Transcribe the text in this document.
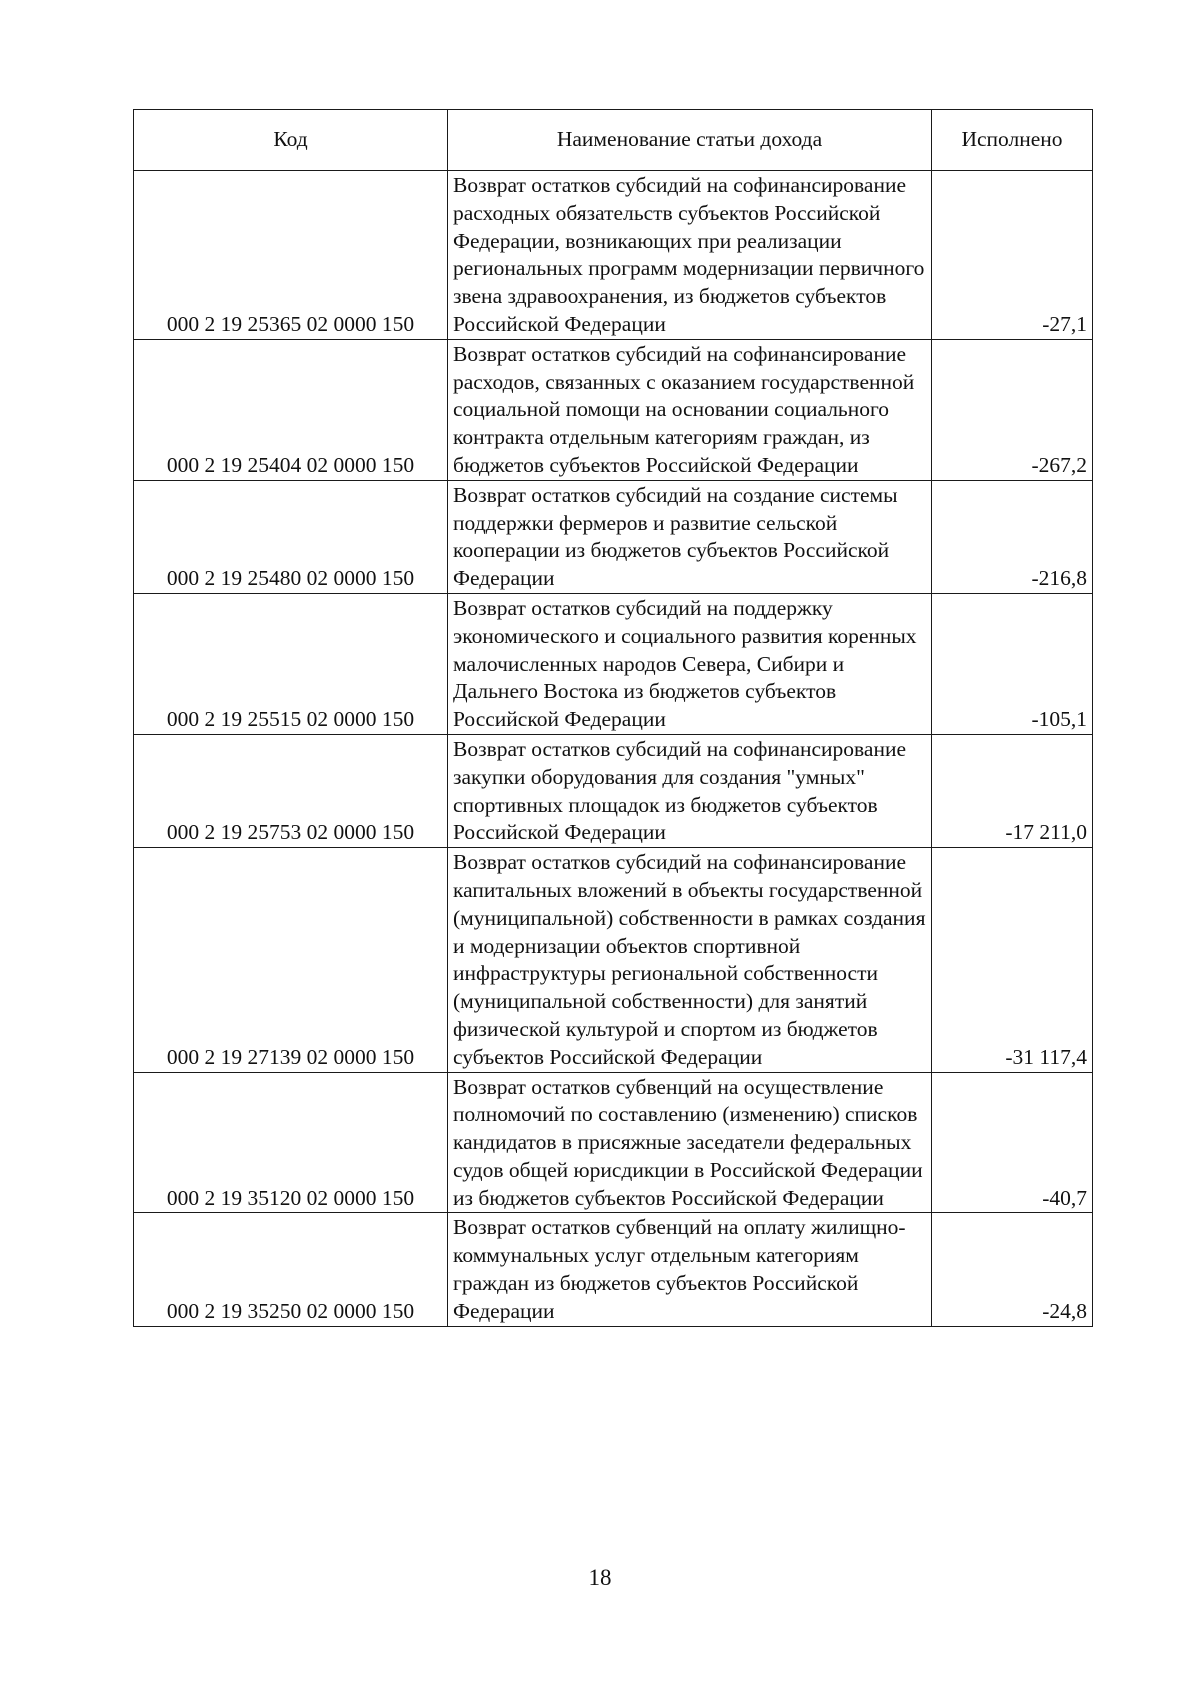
Код	Наименование статьи дохода	Исполнено
000 2 19 25365 02 0000 150	Возврат остатков субсидий на софинансирование расходных обязательств субъектов Российской Федерации, возникающих при реализации региональных программ модернизации первичного звена здравоохранения, из бюджетов субъектов Российской Федерации	-27,1
000 2 19 25404 02 0000 150	Возврат остатков субсидий на софинансирование расходов, связанных с оказанием государственной социальной помощи на основании социального контракта отдельным категориям граждан, из бюджетов субъектов Российской Федерации	-267,2
000 2 19 25480 02 0000 150	Возврат остатков субсидий на создание системы поддержки фермеров и развитие сельской кооперации из бюджетов субъектов Российской Федерации	-216,8
000 2 19 25515 02 0000 150	Возврат остатков субсидий на поддержку экономического и социального развития коренных малочисленных народов Севера, Сибири и Дальнего Востока из бюджетов субъектов Российской Федерации	-105,1
000 2 19 25753 02 0000 150	Возврат остатков субсидий на софинансирование закупки оборудования для создания "умных" спортивных площадок из бюджетов субъектов Российской Федерации	-17 211,0
000 2 19 27139 02 0000 150	Возврат остатков субсидий на софинансирование капитальных вложений в объекты государственной (муниципальной) собственности в рамках создания и модернизации объектов спортивной инфраструктуры региональной собственности (муниципальной собственности) для занятий физической культурой и спортом из бюджетов субъектов Российской Федерации	-31 117,4
000 2 19 35120 02 0000 150	Возврат остатков субвенций на осуществление полномочий по составлению (изменению) списков кандидатов в присяжные заседатели федеральных судов общей юрисдикции в Российской Федерации из бюджетов субъектов Российской Федерации	-40,7
000 2 19 35250 02 0000 150	Возврат остатков субвенций на оплату жилищно-коммунальных услуг отдельным категориям граждан из бюджетов субъектов Российской Федерации	-24,8
18
